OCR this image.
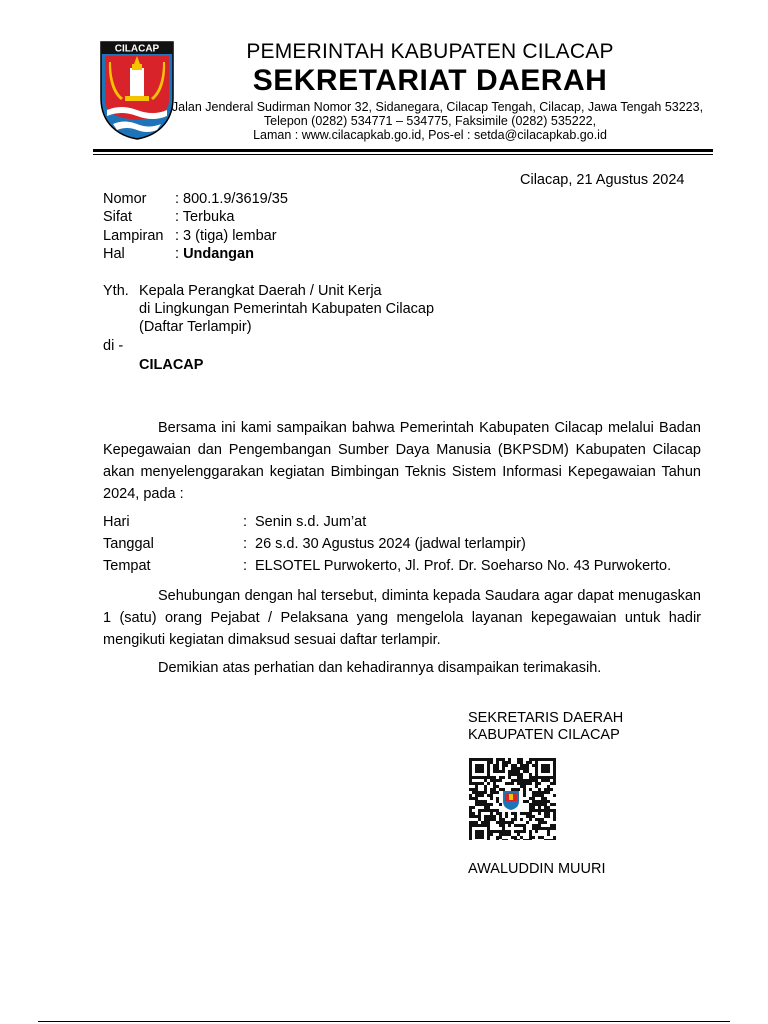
CILACAP	PEMERINTAH KABUPATEN CILACAP
SEKRETARIAT DAERAH
Jalan Jenderal Sudirman Nomor 32, Sidanegara, Cilacap Tengah, Cilacap, Jawa Tengah 53223,
Telepon (0282) 534771 – 534775, Faksimile (0282) 535222,
Laman : www.cilacapkab.go.id, Pos-el : setda@cilacapkab.go.id
Cilacap, 21 Agustus 2024
Nomor : 800.1.9/3619/35
Sifat	: Terbuka
Lampiran : 3 (tiga) lembar
Hal	: Undangan
Yth. Kepala Perangkat Daerah / Unit Kerja
di Lingkungan Pemerintah Kabupaten Cilacap
(Daftar Terlampir)
di -
CILACAP
Bersama ini kami sampaikan bahwa Pemerintah Kabupaten Cilacap melalui Badan Kepegawaian dan Pengembangan Sumber Daya Manusia (BKPSDM) Kabupaten Cilacap akan menyelenggarakan kegiatan Bimbingan Teknis Sistem Informasi Kepegawaian Tahun 2024, pada :
Hari	: Senin s.d. Jum’at
Tanggal	: 26 s.d. 30 Agustus 2024 (jadwal terlampir)
Tempat	: ELSOTEL Purwokerto, Jl. Prof. Dr. Soeharso No. 43 Purwokerto.
Sehubungan dengan hal tersebut, diminta kepada Saudara agar dapat menugaskan 1 (satu) orang Pejabat / Pelaksana yang mengelola layanan kepegawaian untuk hadir mengikuti kegiatan dimaksud sesuai daftar terlampir.
Demikian atas perhatian dan kehadirannya disampaikan terimakasih.
SEKRETARIS DAERAH
KABUPATEN CILACAP
AWALUDDIN MUURI
